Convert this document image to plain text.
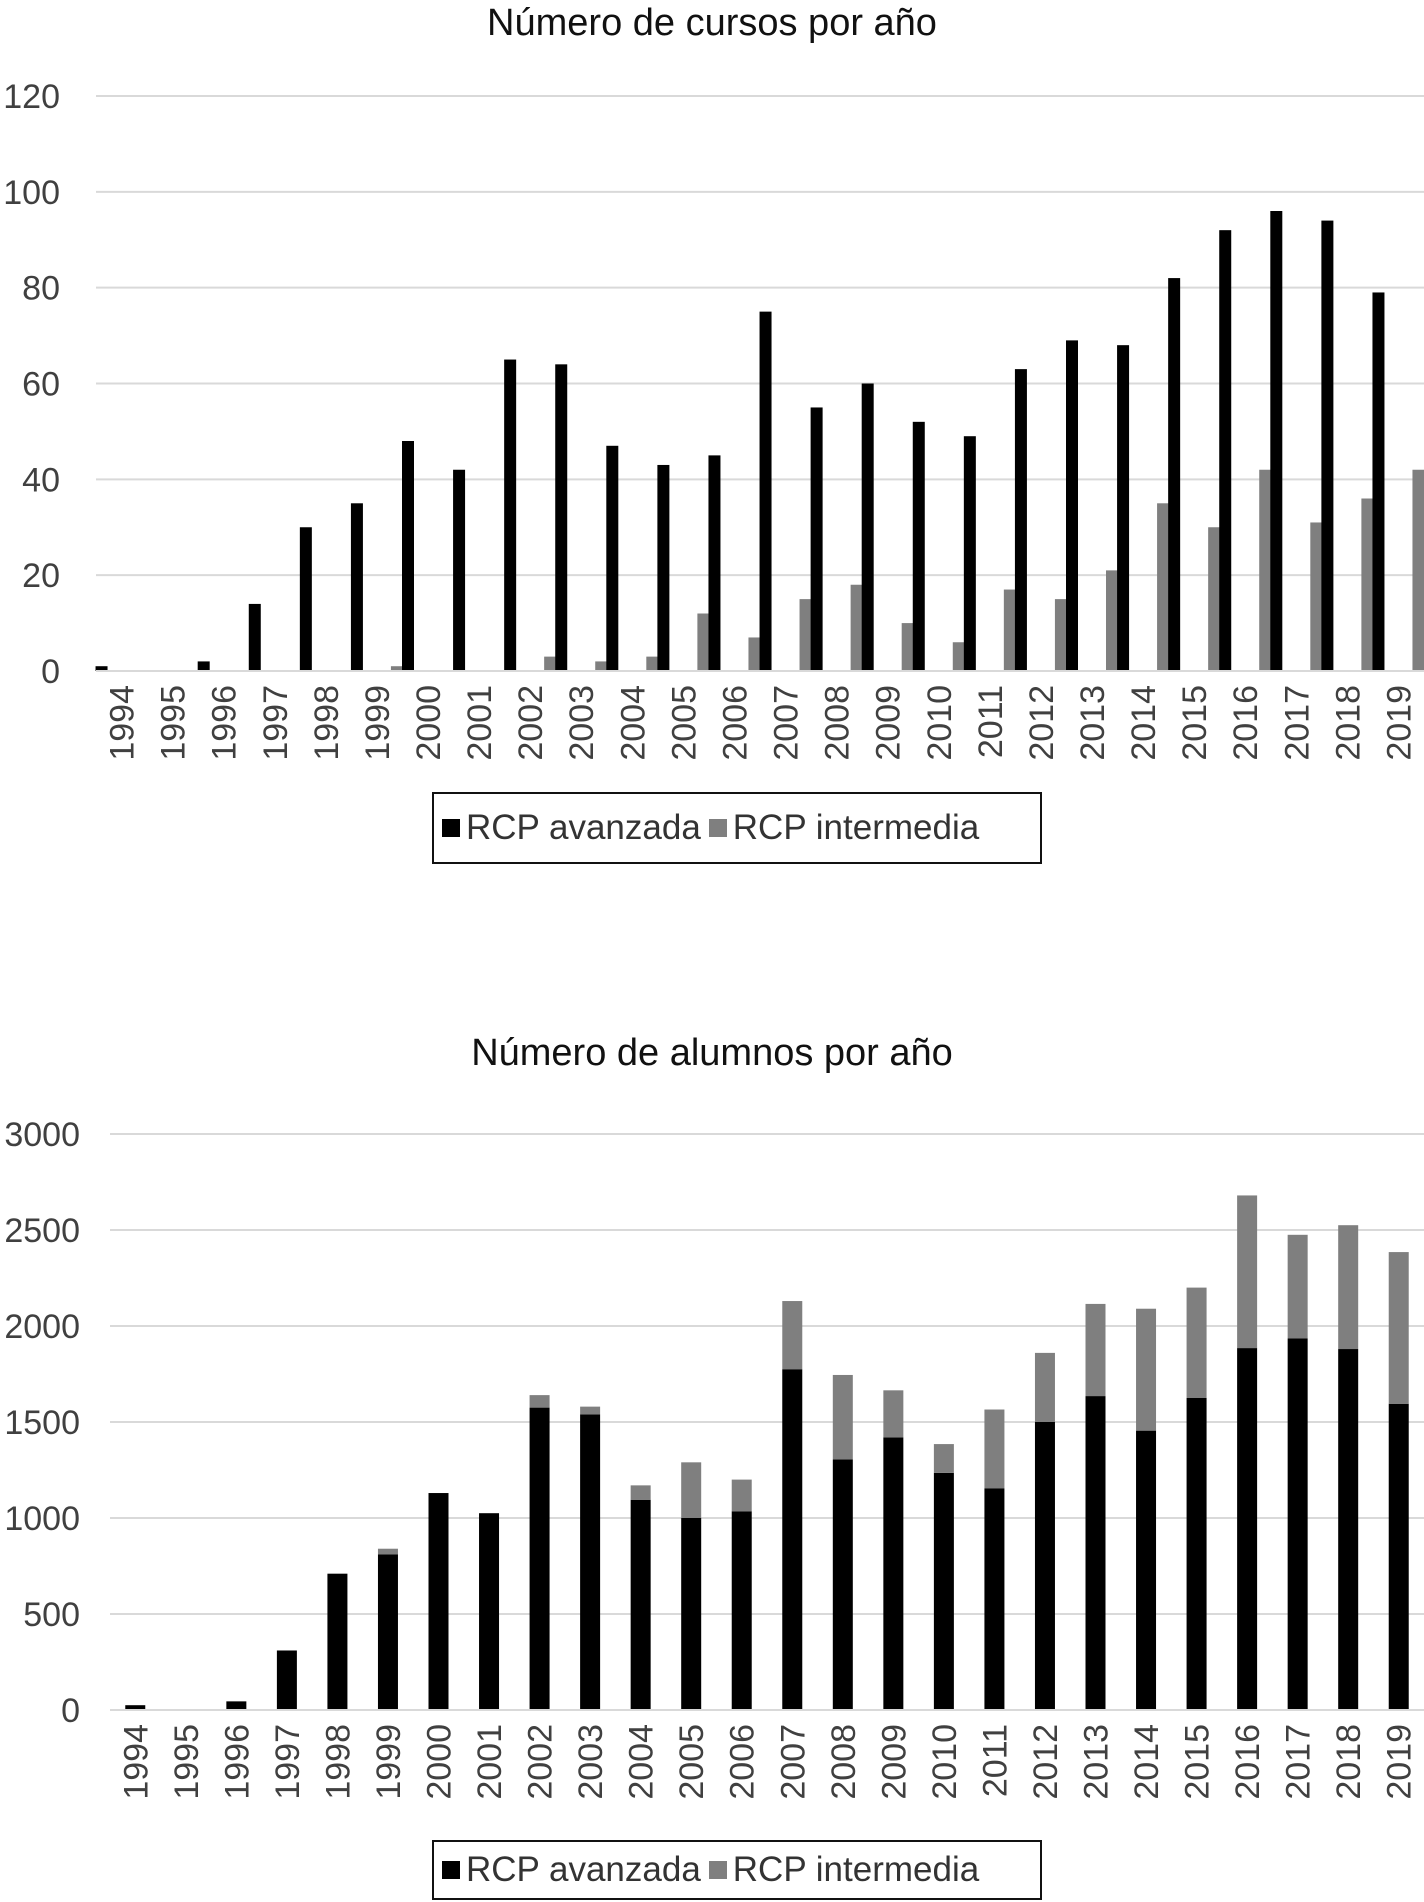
Número de cursos por año
0
20
40
60
80
100
120
1994 1995 1996 1997 1998 1999 2000 2001 2002 2003 2004 2005 2006 2007 2008 2009 2010 2011 2012 2013 2014 2015 2016 2017 2018 2019
RCP avanzada RCP intermedia
Número de alumnos por año
0
500
1000
1500
2000
2500
3000
1994 1995 1996 1997 1998 1999 2000 2001 2002 2003 2004 2005 2006 2007 2008 2009 2010 2011 2012 2013 2014 2015 2016 2017 2018 2019
RCP avanzada RCP intermedia
